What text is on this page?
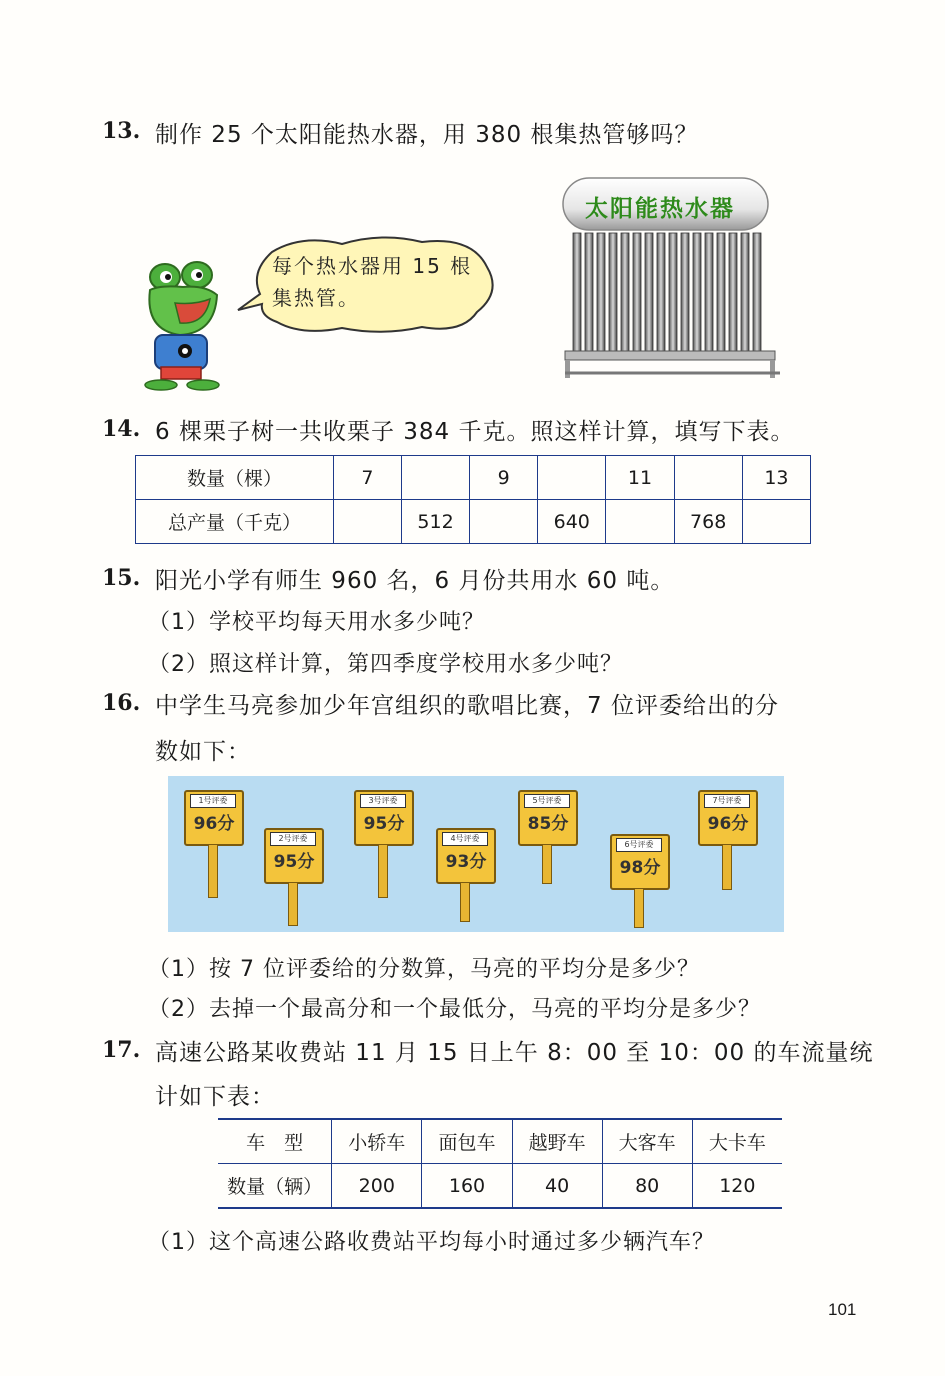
13. 制作 25 个太阳能热水器，用 380 根集热管够吗？
每个热水器用 15 根
集热管。
太阳能热水器
14. 6 棵栗子树一共收栗子 384 千克。照这样计算，填写下表。
数量（棵）	7		9		11		13
总产量（千克）		512		640		768	
15. 阳光小学有师生 960 名，6 月份共用水 60 吨。
（1）学校平均每天用水多少吨？
（2）照这样计算，第四季度学校用水多少吨？
16. 中学生马亮参加少年宫组织的歌唱比赛，7 位评委给出的分
数如下：
1号评委
96分
2号评委
95分
3号评委
95分
4号评委
93分
5号评委
85分
6号评委
98分
7号评委
96分
（1）按 7 位评委给的分数算，马亮的平均分是多少？
（2）去掉一个最高分和一个最低分，马亮的平均分是多少？
17. 高速公路某收费站 11 月 15 日上午 8：00 至 10：00 的车流量统
计如下表：
车　型	小轿车	面包车	越野车	大客车	大卡车
数量（辆）	200	160	40	80	120
（1）这个高速公路收费站平均每小时通过多少辆汽车？
101
